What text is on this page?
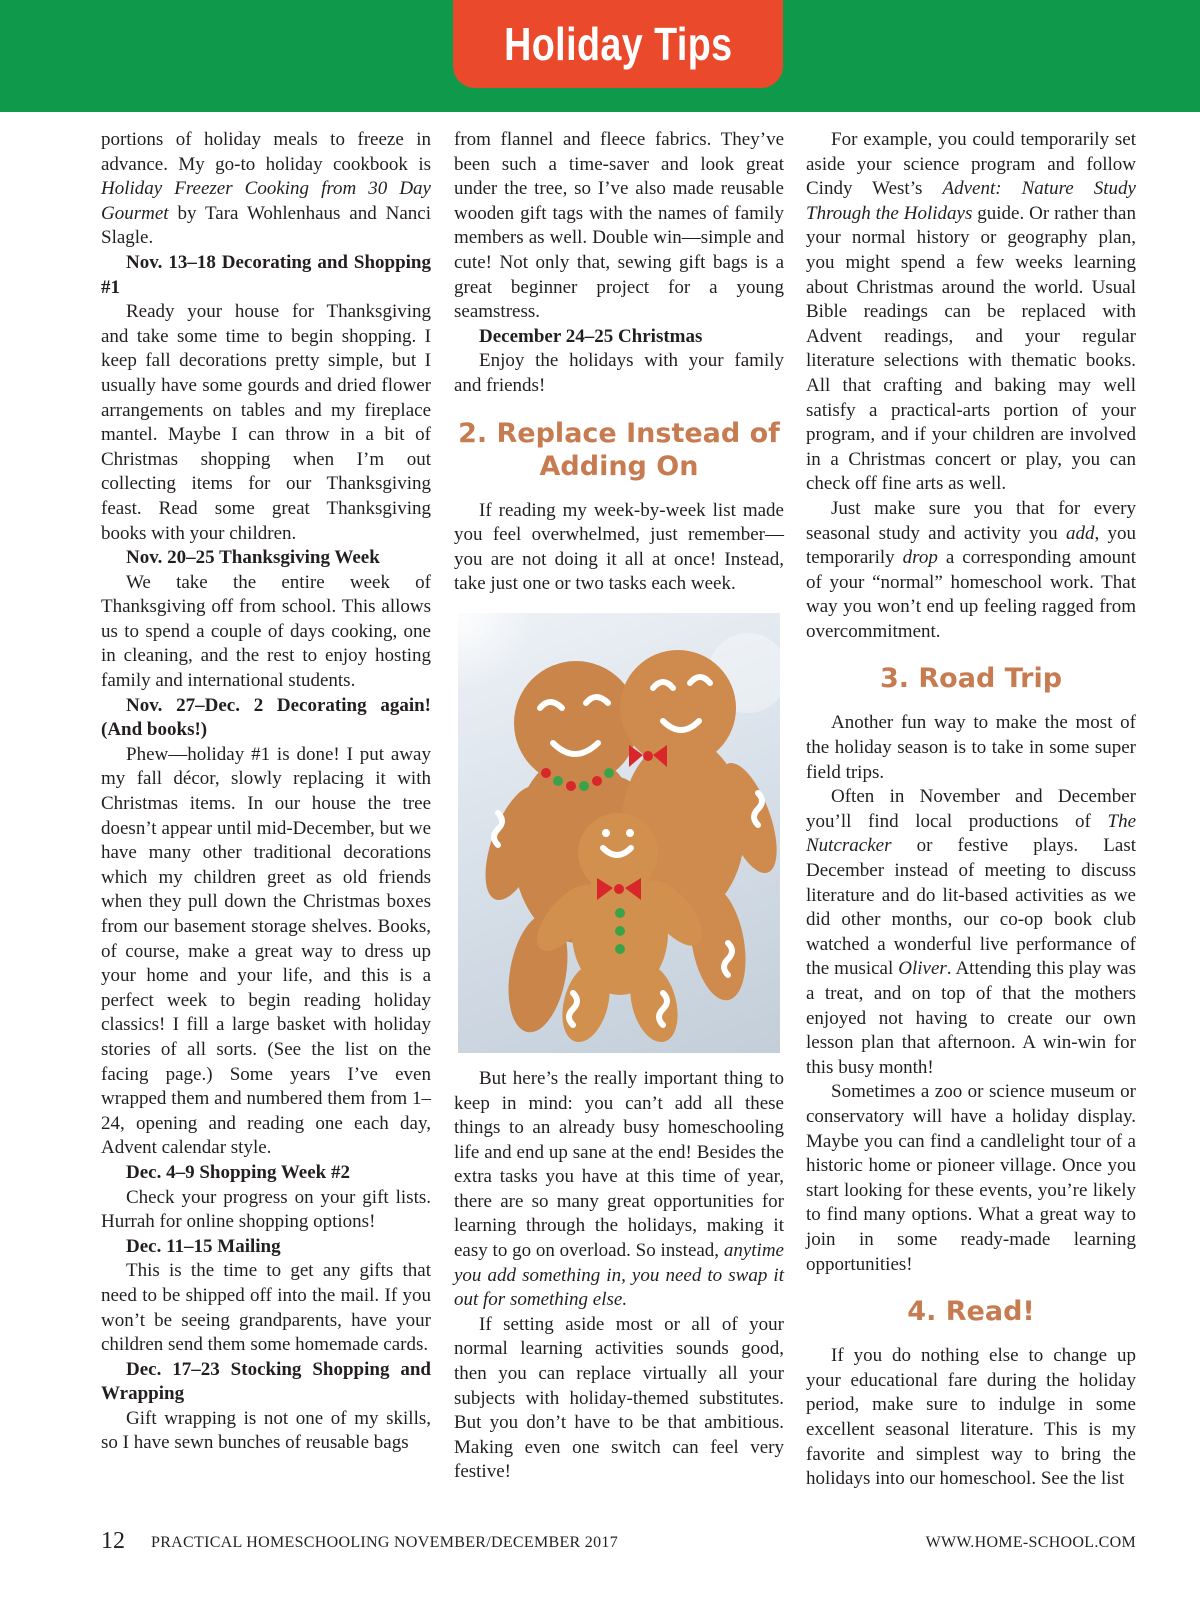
Holiday Tips

portions of holiday meals to freeze in advance. My go-to holiday cookbook is Holiday Freezer Cooking from 30 Day Gourmet by Tara Wohlenhaus and Nanci Slagle.

Nov. 13–18 Decorating and Shopping #1

Ready your house for Thanksgiving and take some time to begin shopping. I keep fall decorations pretty simple, but I usually have some gourds and dried flower arrangements on tables and my fireplace mantel. Maybe I can throw in a bit of Christmas shopping when I’m out collecting items for our Thanksgiving feast. Read some great Thanksgiving books with your children.

Nov. 20–25 Thanksgiving Week

We take the entire week of Thanksgiving off from school. This allows us to spend a couple of days cooking, one in cleaning, and the rest to enjoy hosting family and international students.

Nov. 27–Dec. 2 Decorating again! (And books!)

Phew—holiday #1 is done! I put away my fall décor, slowly replacing it with Christmas items. In our house the tree doesn’t appear until mid-December, but we have many other traditional decorations which my children greet as old friends when they pull down the Christmas boxes from our basement storage shelves. Books, of course, make a great way to dress up your home and your life, and this is a perfect week to begin reading holiday classics! I fill a large basket with holiday stories of all sorts. (See the list on the facing page.) Some years I’ve even wrapped them and numbered them from 1–24, opening and reading one each day, Advent calendar style.

Dec. 4–9 Shopping Week #2

Check your progress on your gift lists. Hurrah for online shopping options!

Dec. 11–15 Mailing

This is the time to get any gifts that need to be shipped off into the mail. If you won’t be seeing grandparents, have your children send them some homemade cards.

Dec. 17–23 Stocking Shopping and Wrapping

Gift wrapping is not one of my skills, so I have sewn bunches of reusable bags

from flannel and fleece fabrics. They’ve been such a time-saver and look great under the tree, so I’ve also made reusable wooden gift tags with the names of family members as well. Double win—simple and cute! Not only that, sewing gift bags is a great beginner project for a young seamstress.

December 24–25 Christmas

Enjoy the holidays with your family and friends!

2. Replace Instead of Adding On

If reading my week-by-week list made you feel overwhelmed, just remember—you are not doing it all at once! Instead, take just one or two tasks each week.

But here’s the really important thing to keep in mind: you can’t add all these things to an already busy homeschooling life and end up sane at the end! Besides the extra tasks you have at this time of year, there are so many great opportunities for learning through the holidays, making it easy to go on overload. So instead, anytime you add something in, you need to swap it out for something else.

If setting aside most or all of your normal learning activities sounds good, then you can replace virtually all your subjects with holiday-themed substitutes. But you don’t have to be that ambitious. Making even one switch can feel very festive!

For example, you could temporarily set aside your science program and follow Cindy West’s Advent: Nature Study Through the Holidays guide. Or rather than your normal history or geography plan, you might spend a few weeks learning about Christmas around the world. Usual Bible readings can be replaced with Advent readings, and your regular literature selections with thematic books. All that crafting and baking may well satisfy a practical-arts portion of your program, and if your children are involved in a Christmas concert or play, you can check off fine arts as well.

Just make sure you that for every seasonal study and activity you add, you temporarily drop a corresponding amount of your “normal” homeschool work. That way you won’t end up feeling ragged from overcommitment.

3. Road Trip

Another fun way to make the most of the holiday season is to take in some super field trips.

Often in November and December you’ll find local productions of The Nutcracker or festive plays. Last December instead of meeting to discuss literature and do lit-based activities as we did other months, our co-op book club watched a wonderful live performance of the musical Oliver. Attending this play was a treat, and on top of that the mothers enjoyed not having to create our own lesson plan that afternoon. A win-win for this busy month!

Sometimes a zoo or science museum or conservatory will have a holiday display. Maybe you can find a candlelight tour of a historic home or pioneer village. Once you start looking for these events, you’re likely to find many options. What a great way to join in some ready-made learning opportunities!

4. Read!

If you do nothing else to change up your educational fare during the holiday period, make sure to indulge in some excellent seasonal literature. This is my favorite and simplest way to bring the holidays into our homeschool. See the list

12 PRACTICAL HOMESCHOOLING NOVEMBER/DECEMBER 2017	WWW.HOME-SCHOOL.COM
